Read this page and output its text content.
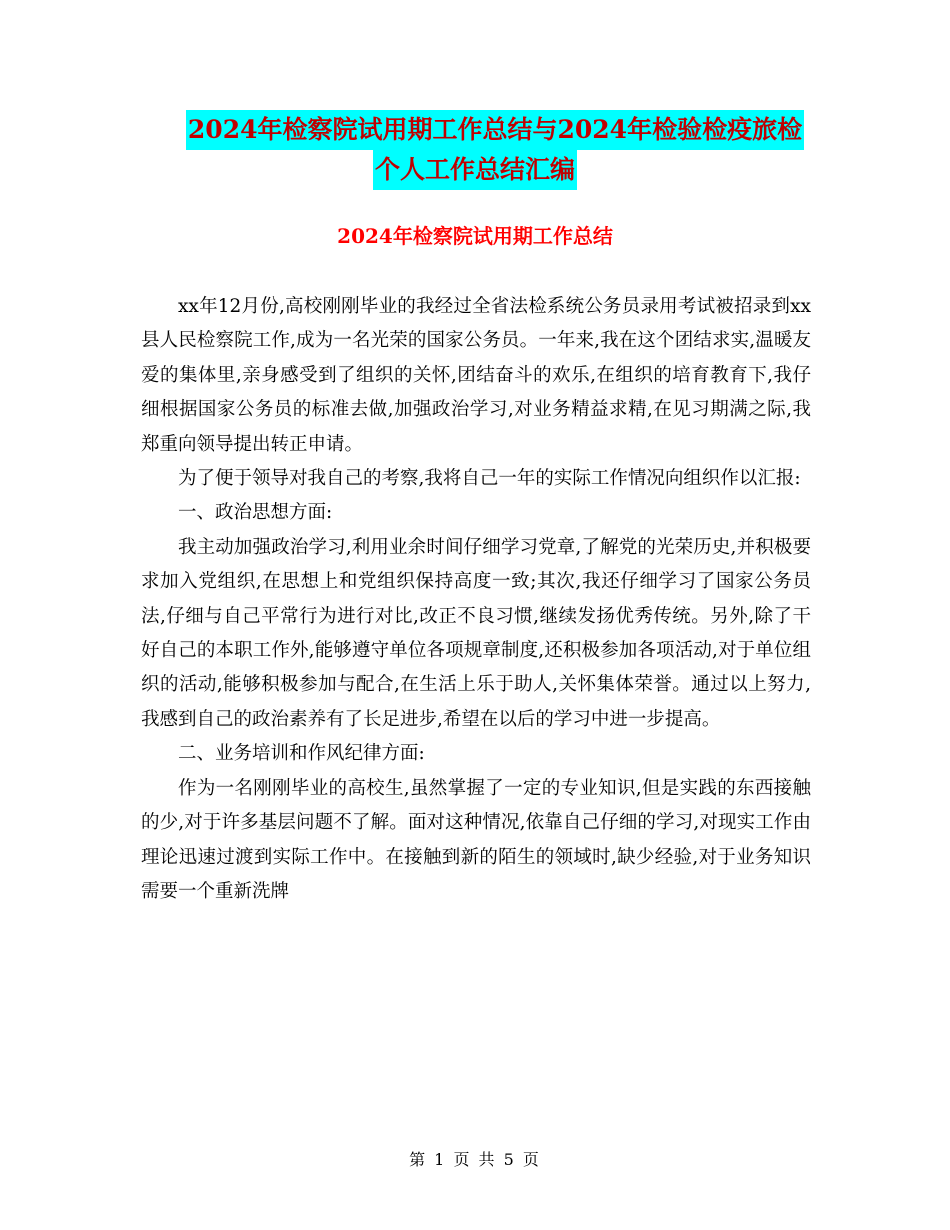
2024年检察院试用期工作总结与2024年检验检疫旅检
个人工作总结汇编
2024年检察院试用期工作总结

xx年12月份,高校刚刚毕业的我经过全省法检系统公务员录用考试被招录到xx县人民检察院工作,成为一名光荣的国家公务员。一年来,我在这个团结求实,温暖友爱的集体里,亲身感受到了组织的关怀,团结奋斗的欢乐,在组织的培育教育下,我仔细根据国家公务员的标准去做,加强政治学习,对业务精益求精,在见习期满之际,我郑重向领导提出转正申请。

为了便于领导对我自己的考察,我将自己一年的实际工作情况向组织作以汇报:

一、政治思想方面:

我主动加强政治学习,利用业余时间仔细学习党章,了解党的光荣历史,并积极要求加入党组织,在思想上和党组织保持高度一致;其次,我还仔细学习了国家公务员法,仔细与自己平常行为进行对比,改正不良习惯,继续发扬优秀传统。另外,除了干好自己的本职工作外,能够遵守单位各项规章制度,还积极参加各项活动,对于单位组织的活动,能够积极参加与配合,在生活上乐于助人,关怀集体荣誉。通过以上努力,我感到自己的政治素养有了长足进步,希望在以后的学习中进一步提高。

二、业务培训和作风纪律方面:

作为一名刚刚毕业的高校生,虽然掌握了一定的专业知识,但是实践的东西接触的少,对于许多基层问题不了解。面对这种情况,依靠自己仔细的学习,对现实工作由理论迅速过渡到实际工作中。在接触到新的陌生的领域时,缺少经验,对于业务知识需要一个重新洗牌

第 1 页 共 5 页
